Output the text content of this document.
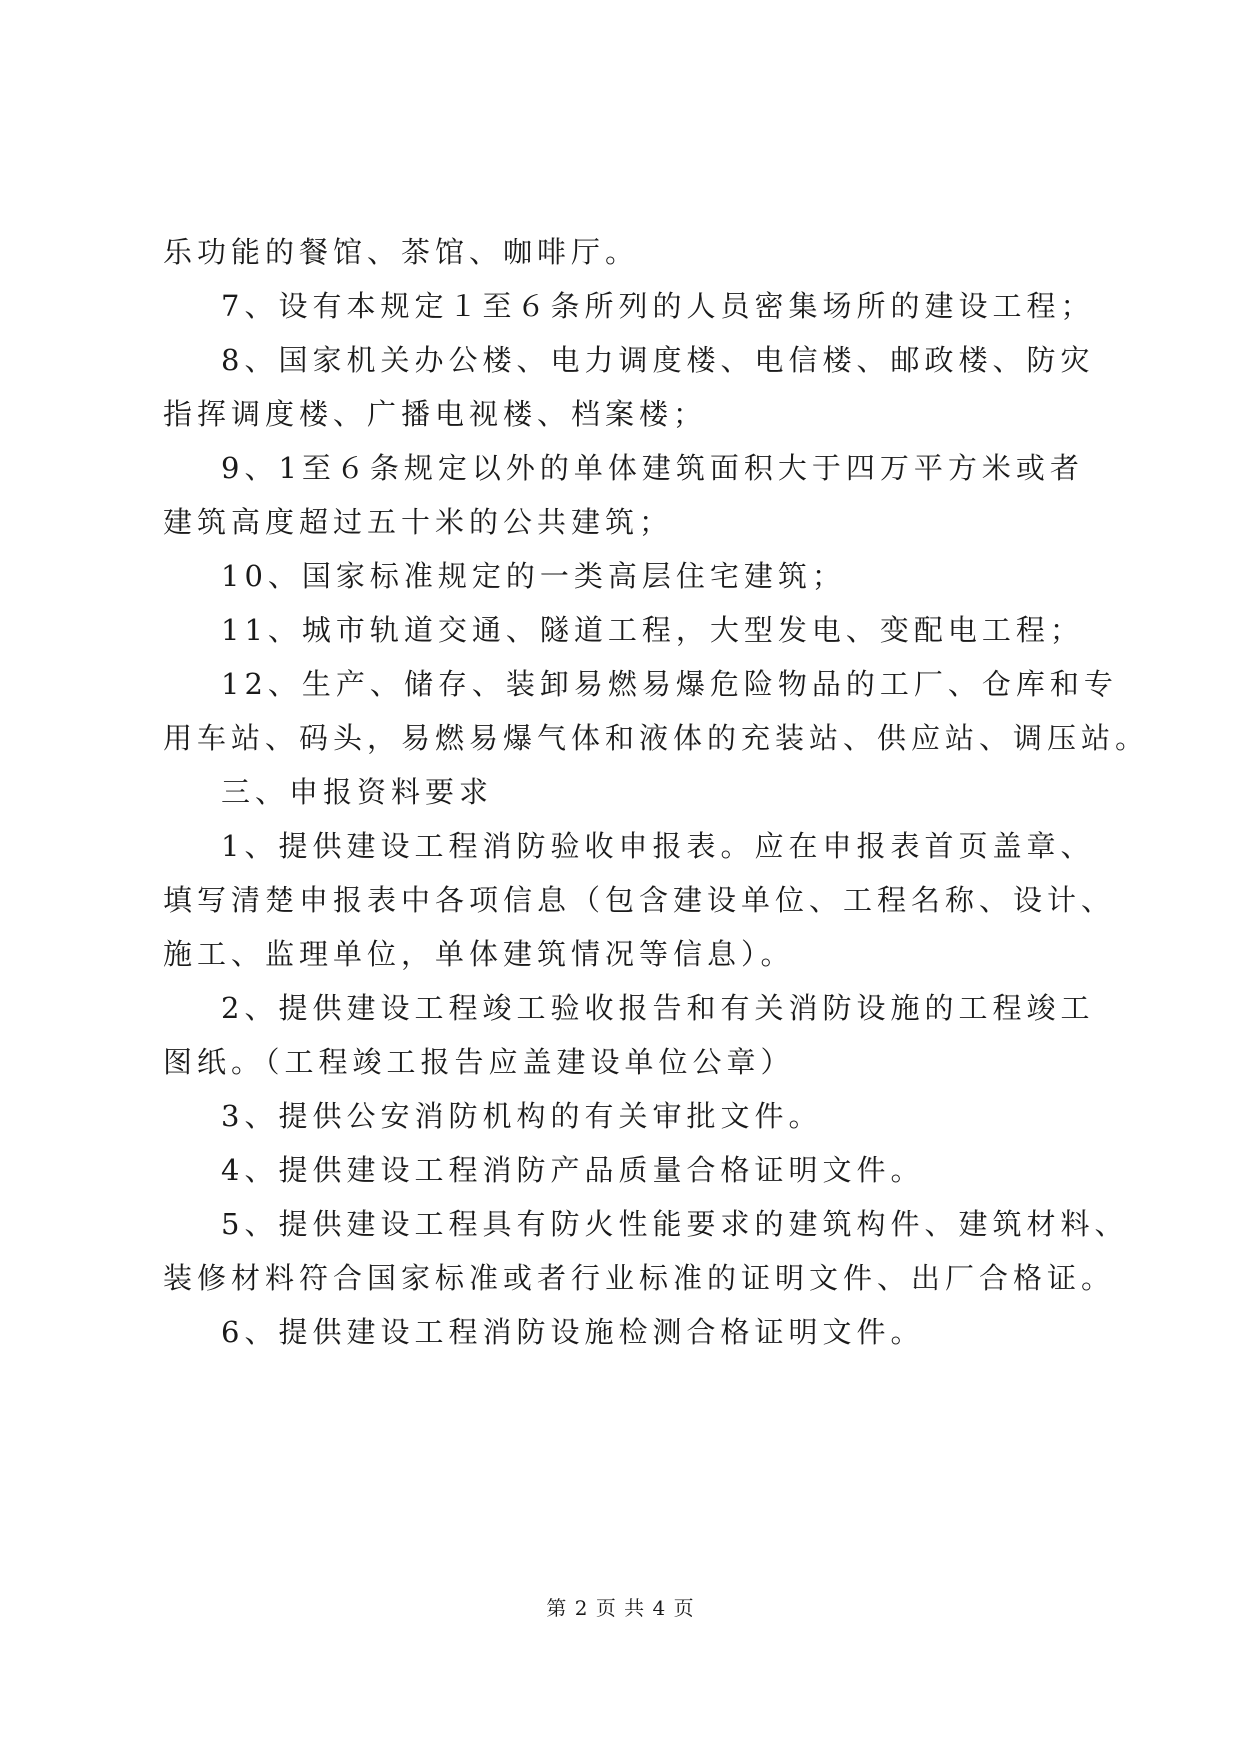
乐功能的餐馆、茶馆、咖啡厅。
7、设有本规定１至６条所列的人员密集场所的建设工程；
8、国家机关办公楼、电力调度楼、电信楼、邮政楼、防灾
指挥调度楼、广播电视楼、档案楼；
9、1至６条规定以外的单体建筑面积大于四万平方米或者
建筑高度超过五十米的公共建筑；
10、国家标准规定的一类高层住宅建筑；
11、城市轨道交通、隧道工程，大型发电、变配电工程；
12、生产、储存、装卸易燃易爆危险物品的工厂、仓库和专
用车站、码头，易燃易爆气体和液体的充装站、供应站、调压站。
三、申报资料要求
1、提供建设工程消防验收申报表。应在申报表首页盖章、
填写清楚申报表中各项信息（包含建设单位、工程名称、设计、
施工、监理单位，单体建筑情况等信息）。
2、提供建设工程竣工验收报告和有关消防设施的工程竣工
图纸。（工程竣工报告应盖建设单位公章）
3、提供公安消防机构的有关审批文件。
4、提供建设工程消防产品质量合格证明文件。
5、提供建设工程具有防火性能要求的建筑构件、建筑材料、
装修材料符合国家标准或者行业标准的证明文件、出厂合格证。
6、提供建设工程消防设施检测合格证明文件。
第 2 页 共 4 页
